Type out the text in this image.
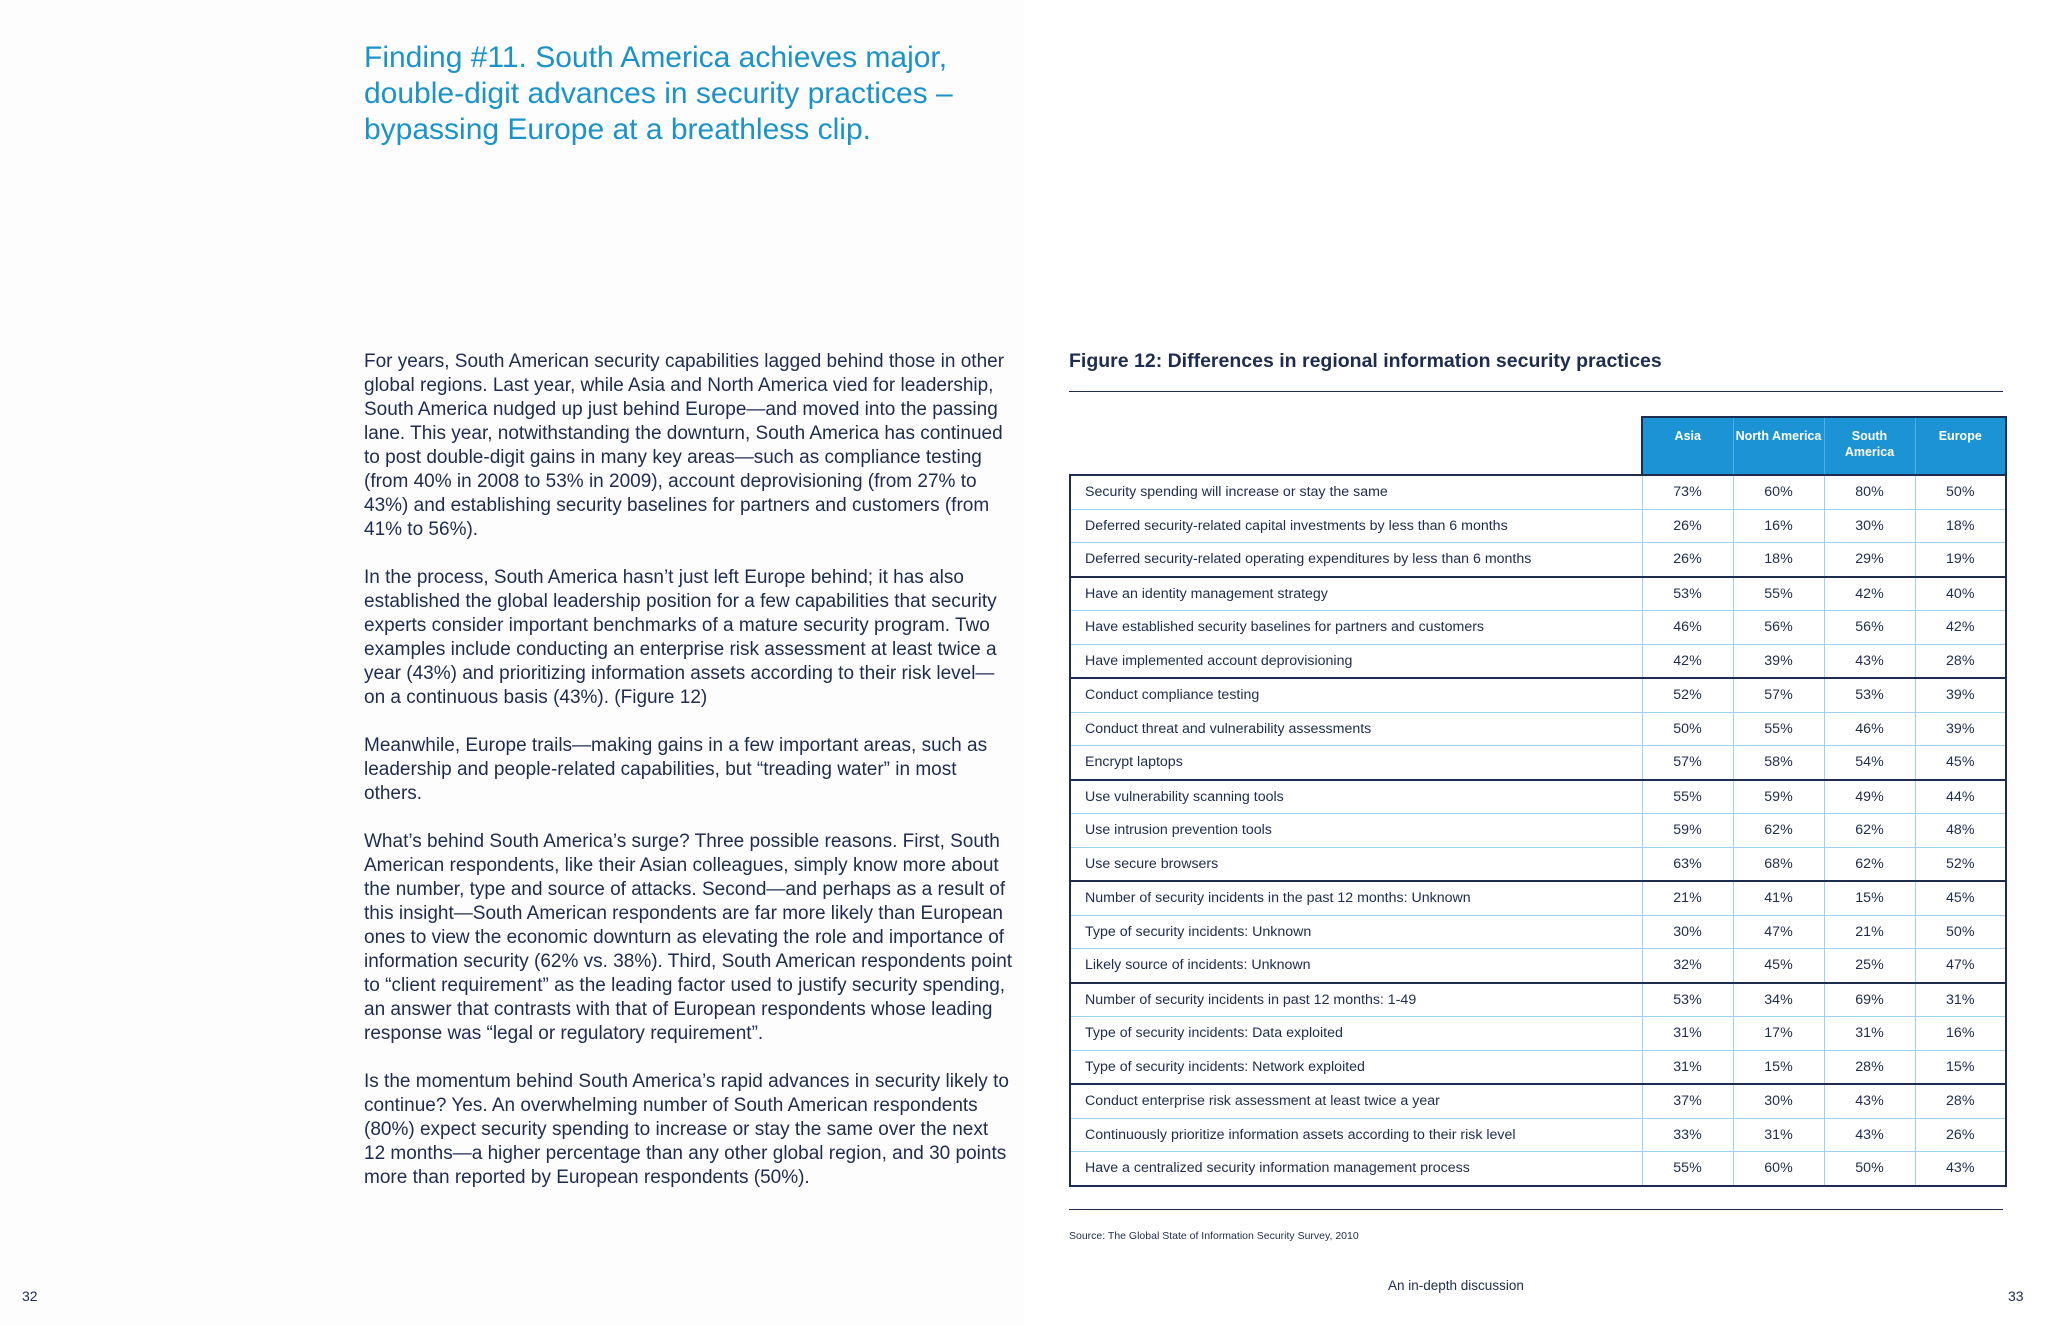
Finding #11. South America achieves major, double-digit advances in security practices – bypassing Europe at a breathless clip.

For years, South American security capabilities lagged behind those in other global regions. Last year, while Asia and North America vied for leadership, South America nudged up just behind Europe—and moved into the passing lane. This year, notwithstanding the downturn, South America has continued to post double-digit gains in many key areas—such as compliance testing (from 40% in 2008 to 53% in 2009), account deprovisioning (from 27% to 43%) and establishing security baselines for partners and customers (from 41% to 56%).

In the process, South America hasn’t just left Europe behind; it has also established the global leadership position for a few capabilities that security experts consider important benchmarks of a mature security program. Two examples include conducting an enterprise risk assessment at least twice a year (43%) and prioritizing information assets according to their risk level—on a continuous basis (43%). (Figure 12)

Meanwhile, Europe trails—making gains in a few important areas, such as leadership and people-related capabilities, but “treading water” in most others.

What’s behind South America’s surge? Three possible reasons. First, South American respondents, like their Asian colleagues, simply know more about the number, type and source of attacks. Second—and perhaps as a result of this insight—South American respondents are far more likely than European ones to view the economic downturn as elevating the role and importance of information security (62% vs. 38%). Third, South American respondents point to “client requirement” as the leading factor used to justify security spending, an answer that contrasts with that of European respondents whose leading response was “legal or regulatory requirement”.

Is the momentum behind South America’s rapid advances in security likely to continue? Yes. An overwhelming number of South American respondents (80%) expect security spending to increase or stay the same over the next 12 months—a higher percentage than any other global region, and 30 points more than reported by European respondents (50%).

32
Figure 12: Differences in regional information security practices
	Asia	North America	South America	Europe
Security spending will increase or stay the same	73%	60%	80%	50%
Deferred security-related capital investments by less than 6 months	26%	16%	30%	18%
Deferred security-related operating expenditures by less than 6 months	26%	18%	29%	19%
Have an identity management strategy	53%	55%	42%	40%
Have established security baselines for partners and customers	46%	56%	56%	42%
Have implemented account deprovisioning	42%	39%	43%	28%
Conduct compliance testing	52%	57%	53%	39%
Conduct threat and vulnerability assessments	50%	55%	46%	39%
Encrypt laptops	57%	58%	54%	45%
Use vulnerability scanning tools	55%	59%	49%	44%
Use intrusion prevention tools	59%	62%	62%	48%
Use secure browsers	63%	68%	62%	52%
Number of security incidents in the past 12 months: Unknown	21%	41%	15%	45%
Type of security incidents: Unknown	30%	47%	21%	50%
Likely source of incidents: Unknown	32%	45%	25%	47%
Number of security incidents in past 12 months: 1-49	53%	34%	69%	31%
Type of security incidents: Data exploited	31%	17%	31%	16%
Type of security incidents: Network exploited	31%	15%	28%	15%
Conduct enterprise risk assessment at least twice a year	37%	30%	43%	28%
Continuously prioritize information assets according to their risk level	33%	31%	43%	26%
Have a centralized security information management process	55%	60%	50%	43%
Source: The Global State of Information Security Survey, 2010
An in-depth discussion
33
